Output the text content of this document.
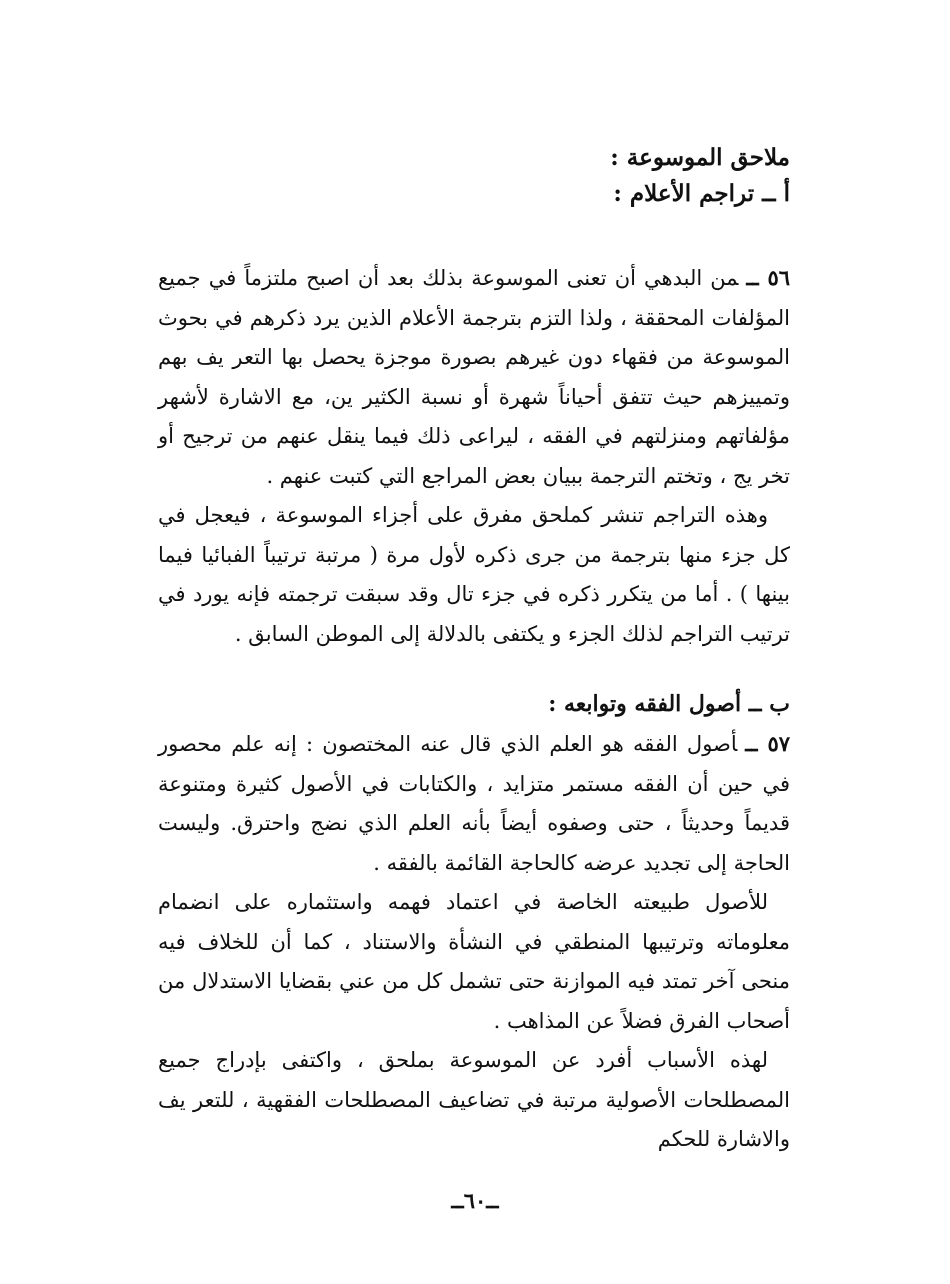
ملاحق الموسوعة :
أ ــ تراجم الأعلام :

٥٦ ــمن البدهي أن تعنى الموسوعة بذلك بعد أن اصبح ملتزماً في جميع المؤلفات المحققة ، ولذا التزم بترجمة الأعلام الذين يرد ذكرهم في بحوث الموسوعة من فقهاء دون غيرهم بصورة موجزة يحصل بها التعر يف بهم وتمييزهم حيث تتفق أحياناً شهرة أو نسبة الكثير ين، مع الاشارة لأشهر مؤلفاتهم ومنزلتهم في الفقه ، ليراعى ذلك فيما ينقل عنهم من ترجيح أو تخر يج ، وتختم الترجمة ببيان بعض المراجع التي كتبت عنهم .

وهذه التراجم تنشر كملحق مفرق على أجزاء الموسوعة ، فيعجل في كل جزء منها بترجمة من جرى ذكره لأول مرة ( مرتبة ترتيباً الفبائيا فيما بينها ) . أما من يتكرر ذكره في جزء تال وقد سبقت ترجمته فإنه يورد في ترتيب التراجم لذلك الجزء و يكتفى بالدلالة إلى الموطن السابق .

ب ــ أصول الفقه وتوابعه :

٥٧ ــأصول الفقه هو العلم الذي قال عنه المختصون : إنه علم محصور في حين أن الفقه مستمر متزايد ، والكتابات في الأصول كثيرة ومتنوعة قديماً وحديثاً ، حتى وصفوه أيضاً بأنه العلم الذي نضج واحترق. وليست الحاجة إلى تجديد عرضه كالحاجة القائمة بالفقه .

للأصول طبيعته الخاصة في اعتماد فهمه واستثماره على انضمام معلوماته وترتيبها المنطقي في النشأة والاستناد ، كما أن للخلاف فيه منحى آخر تمتد فيه الموازنة حتى تشمل كل من عني بقضايا الاستدلال من أصحاب الفرق فضلاً عن المذاهب .

لهذه الأسباب أفرد عن الموسوعة بملحق ، واكتفى بإدراج جميع المصطلحات الأصولية مرتبة في تضاعيف المصطلحات الفقهية ، للتعر يف والاشارة للحكم

ــ٦٠ــ
